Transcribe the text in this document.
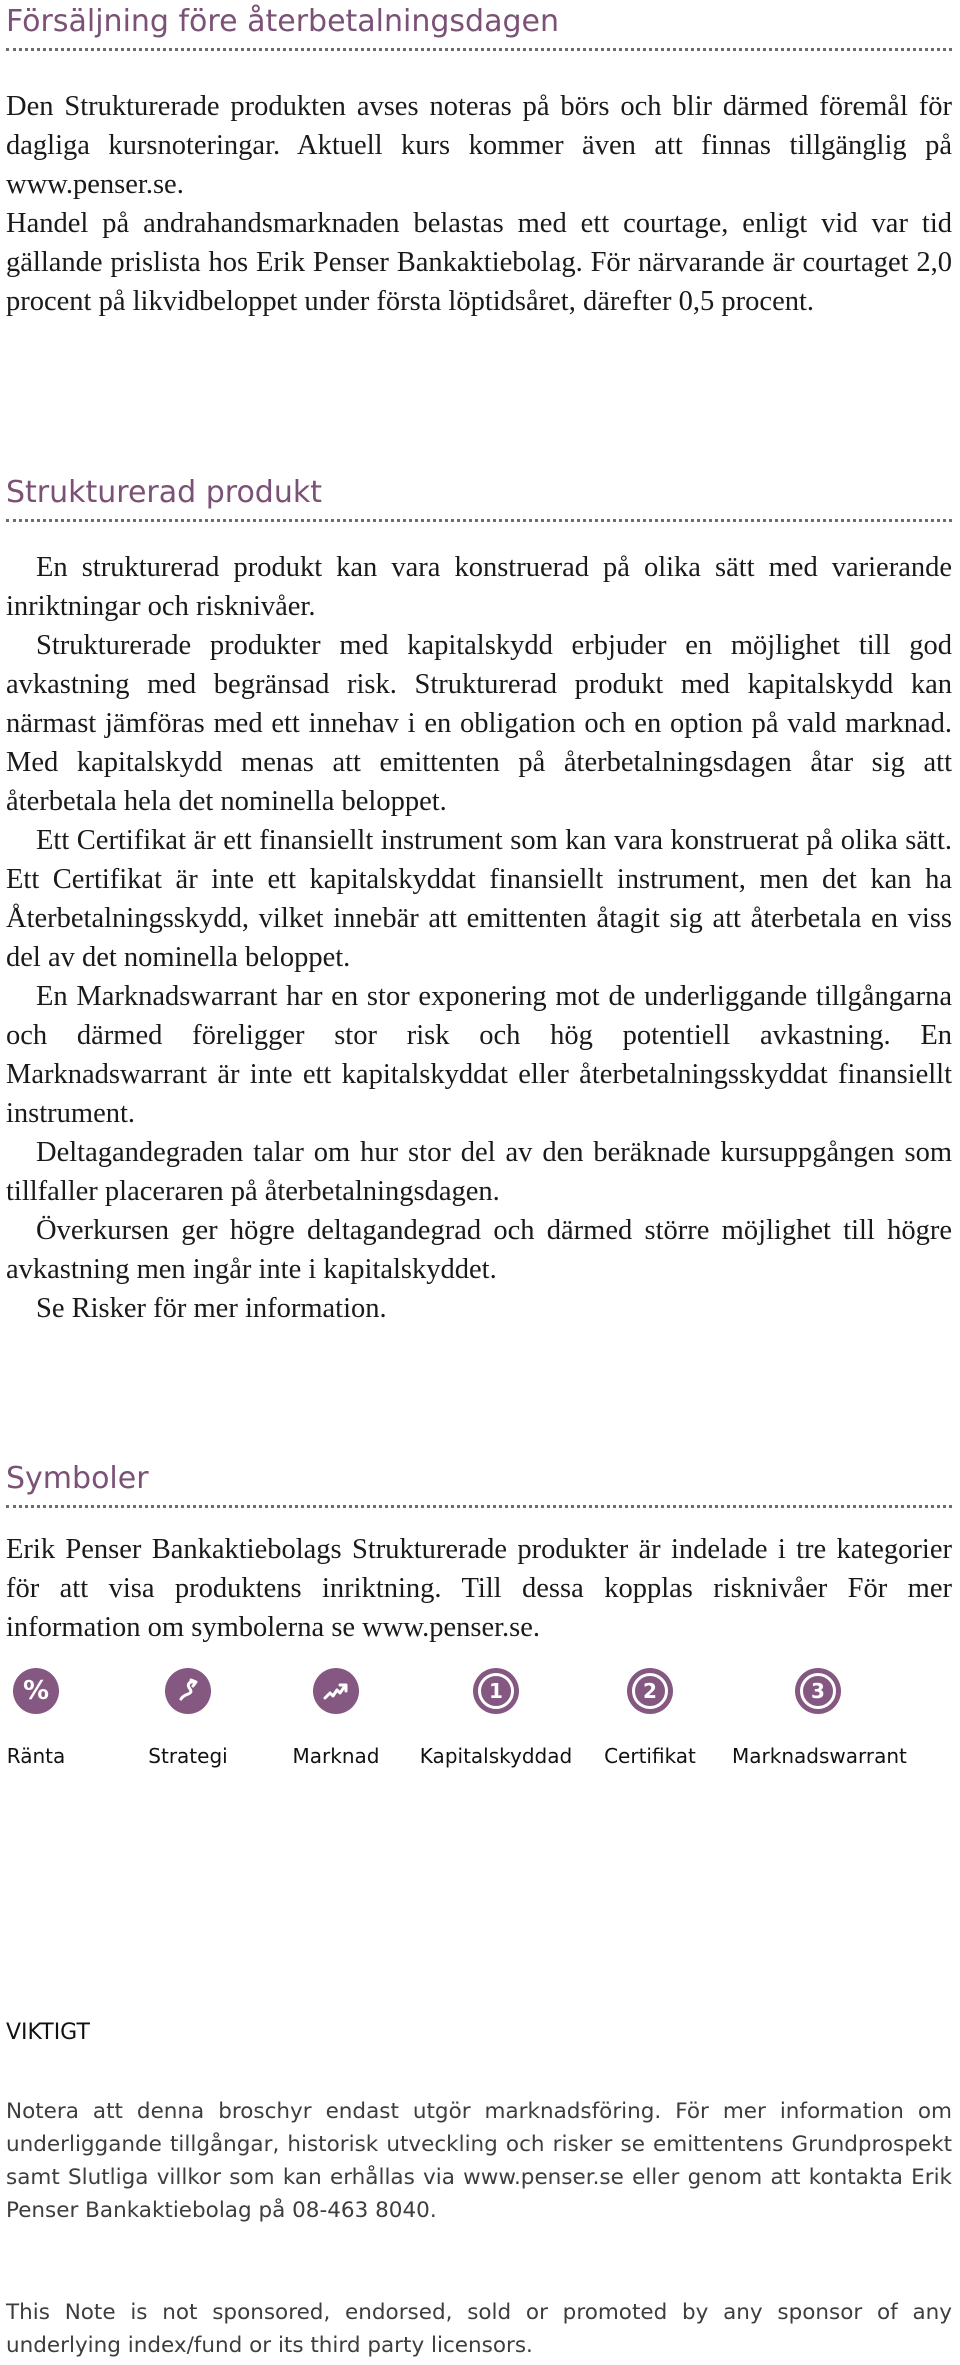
Försäljning före återbetalningsdagen

Den Strukturerade produkten avses noteras på börs och blir därmed föremål för dagliga kursnoteringar. Aktuell kurs kommer även att finnas tillgänglig på www.penser.se.

Handel på andrahandsmarknaden belastas med ett courtage, enligt vid var tid gällande prislista hos Erik Penser Bankaktiebolag. För närvarande är courtaget 2,0 procent på likvidbeloppet under första löptidsåret, därefter 0,5 procent.

Strukturerad produkt

En strukturerad produkt kan vara konstruerad på olika sätt med varierande inriktningar och risknivåer.

Strukturerade produkter med kapitalskydd erbjuder en möjlighet till god avkastning med begränsad risk. Strukturerad produkt med kapitalskydd kan närmast jämföras med ett innehav i en obligation och en option på vald marknad. Med kapitalskydd menas att emittenten på återbetalningsdagen åtar sig att återbetala hela det nominella beloppet.

Ett Certifikat är ett finansiellt instrument som kan vara konstruerat på olika sätt. Ett Certifikat är inte ett kapitalskyddat finansiellt instrument, men det kan ha Återbetalningsskydd, vilket innebär att emittenten åtagit sig att återbetala en viss del av det nominella beloppet.

En Marknadswarrant har en stor exponering mot de underliggande tillgångarna och därmed föreligger stor risk och hög potentiell avkastning. En Marknadswarrant är inte ett kapitalskyddat eller återbetalningsskyddat finansiellt instrument.

Deltagandegraden talar om hur stor del av den beräknade kursuppgången som tillfaller placeraren på återbetalningsdagen.

Överkursen ger högre deltagandegrad och därmed större möjlighet till högre avkastning men ingår inte i kapitalskyddet.

Se Risker för mer information.

Symboler

Erik Penser Bankaktiebolags Strukturerade produkter är indelade i tre kategorier för att visa produktens inriktning. Till dessa kopplas risknivåer För mer information om symbolerna se www.penser.se.

%
Ränta	Strategi	Marknad
1
Kapitalskyddad
2
Certifikat
3
Marknadswarrant
VIKTIGT
Notera att denna broschyr endast utgör marknadsföring. För mer information om underliggande tillgångar, historisk utveckling och risker se emittentens Grundprospekt samt Slutliga villkor som kan erhållas via www.penser.se eller genom att kontakta Erik Penser Bankaktiebolag på 08-463 8040.
This Note is not sponsored, endorsed, sold or promoted by any sponsor of any underlying index/fund or its third party licensors.
